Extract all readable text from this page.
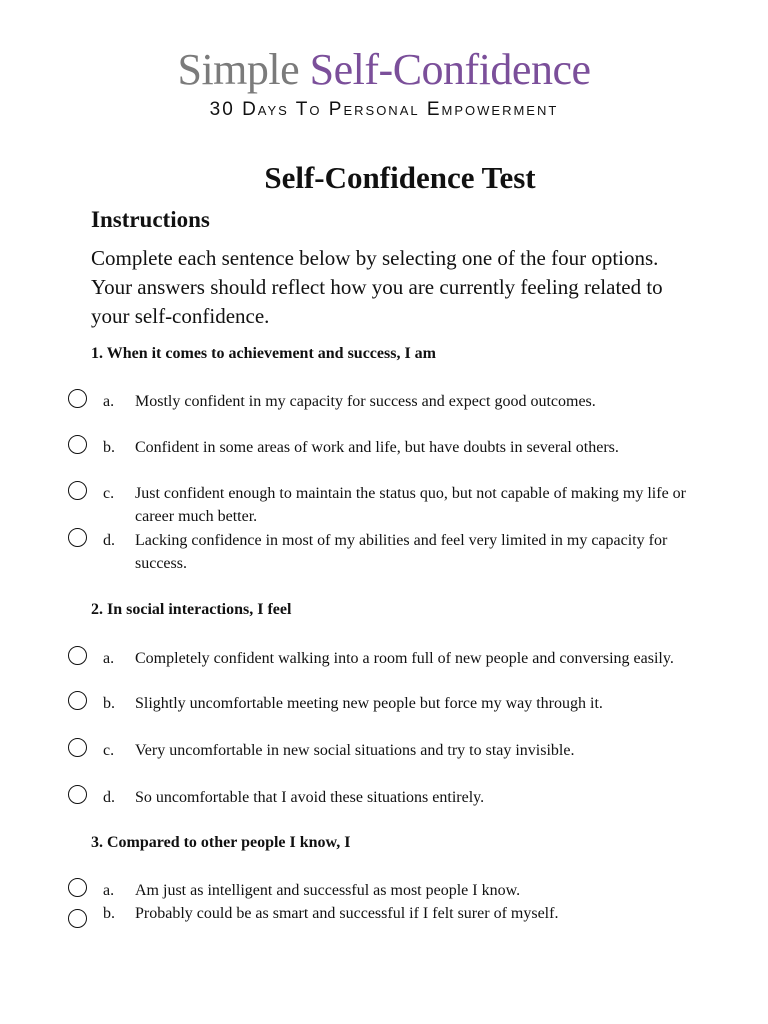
Simple Self-Confidence
30 Days To Personal Empowerment
Self-Confidence Test
Instructions

Complete each sentence below by selecting one of the four options. Your answers should reflect how you are currently feeling related to your self-confidence.

1. When it comes to achievement and success, I am

a. Mostly confident in my capacity for success and expect good outcomes.
b. Confident in some areas of work and life, but have doubts in several others.
c. Just confident enough to maintain the status quo, but not capable of making my life or career much better.
d. Lacking confidence in most of my abilities and feel very limited in my capacity for success.

2. In social interactions, I feel

a. Completely confident walking into a room full of new people and conversing easily.
b. Slightly uncomfortable meeting new people but force my way through it.
c. Very uncomfortable in new social situations and try to stay invisible.
d. So uncomfortable that I avoid these situations entirely.

3. Compared to other people I know, I

a. Am just as intelligent and successful as most people I know.
b. Probably could be as smart and successful if I felt surer of myself.
